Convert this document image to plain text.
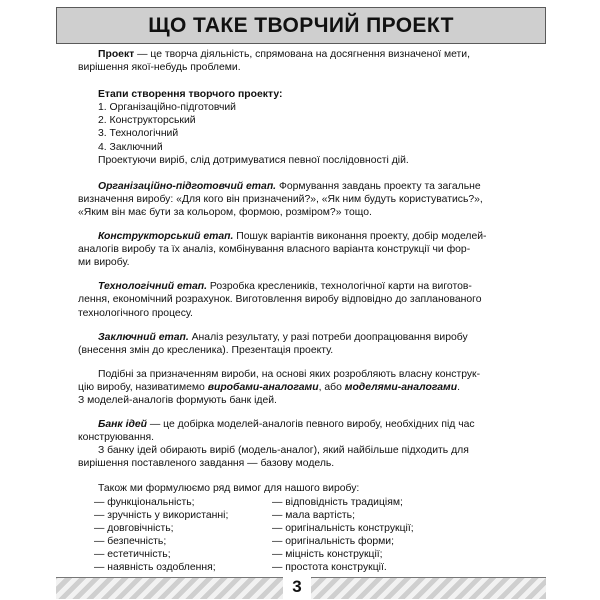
ЩО ТАКЕ ТВОРЧИЙ ПРОЕКТ

Проект — це творча діяльність, спрямована на досягнення визначеної мети,

вирішення якої-небудь проблеми.

Етапи створення творчого проекту:

1. Організаційно-підготовчий
2. Конструкторський
3. Технологічний
4. Заключний

Проектуючи виріб, слід дотримуватися певної послідовності дій.

Організаційно-підготовчий етап. Формування завдань проекту та загальне

визначення виробу: «Для кого він призначений?», «Як ним будуть користуватись?»,

«Яким він має бути за кольором, формою, розміром?» тощо.

Конструкторський етап. Пошук варіантів виконання проекту, добір моделей-

аналогів виробу та їх аналіз, комбінування власного варіанта конструкції чи фор-

ми виробу.

Технологічний етап. Розробка креслеників, технологічної карти на виготов-

лення, економічний розрахунок. Виготовлення виробу відповідно до запланованого

технологічного процесу.

Заключний етап. Аналіз результату, у разі потреби доопрацювання виробу

(внесення змін до кресленика). Презентація проекту.

Подібні за призначенням вироби, на основі яких розробляють власну конструк-

цію виробу, називатимемо виробами-аналогами, або моделями-аналогами.

З моделей-аналогів формують банк ідей.

Банк ідей — це добірка моделей-аналогів певного виробу, необхідних під час

конструювання.

З банку ідей обирають виріб (модель-аналог), який найбільше підходить для

вирішення поставленого завдання — базову модель.

Також ми формулюємо ряд вимог для нашого виробу:

— функціональність;	— відповідність традиціям;
— зручність у використанні;	— мала вартість;
— довговічність;	— оригінальність конструкції;
— безпечність;	— оригінальність форми;
— естетичність;	— міцність конструкції;
— наявність оздоблення;	— простота конструкції.
3
